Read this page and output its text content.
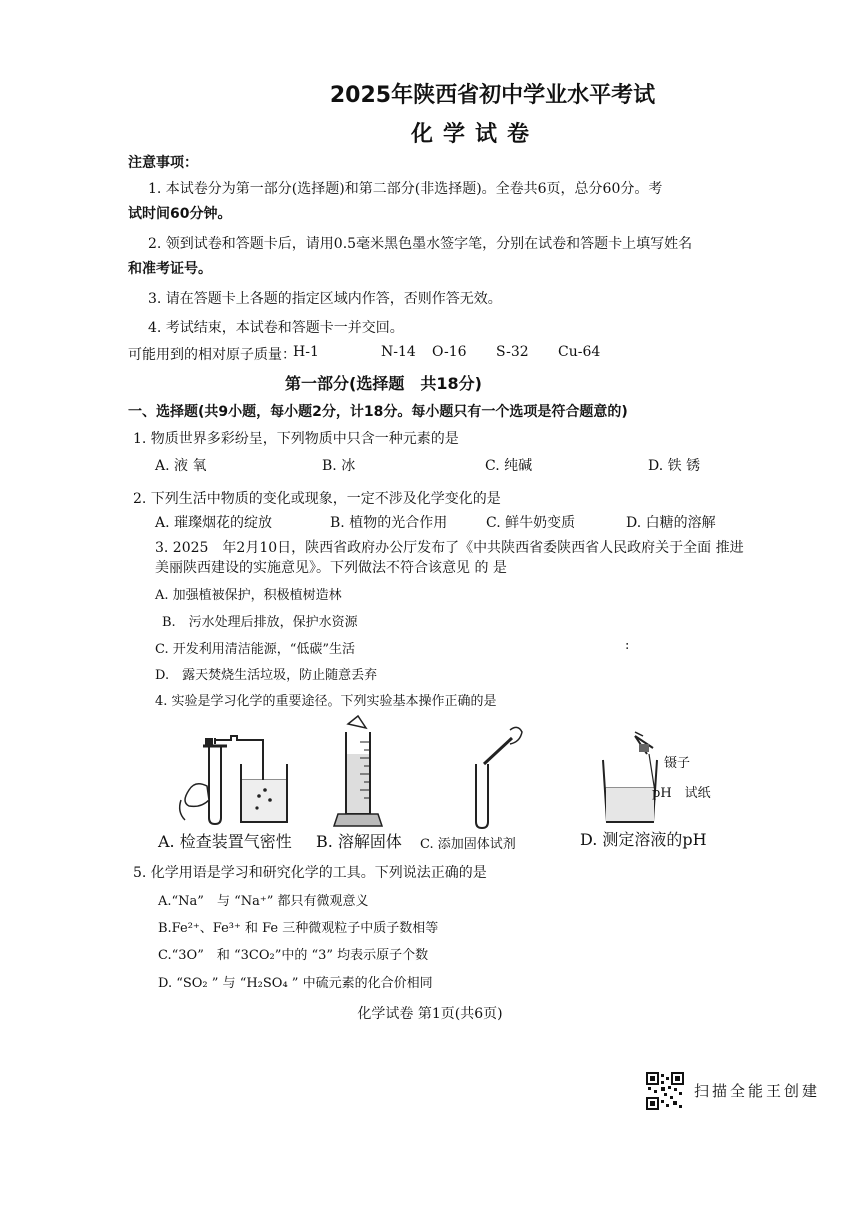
2025年陕西省初中学业水平考试
化学试卷
注意事项：
1. 本试卷分为第一部分(选择题)和第二部分(非选择题)。全卷共6页，总分60分。考
试时间60分钟。
2. 领到试卷和答题卡后，请用0.5毫米黑色墨水签字笔，分别在试卷和答题卡上填写姓名
和准考证号。
3. 请在答题卡上各题的指定区域内作答，否则作答无效。
4. 考试结束，本试卷和答题卡一并交回。
可能用到的相对原子质量：
H-1	N-14 O-16 S-32 Cu-64
第一部分(选择题　共18分)
一、选择题(共9小题，每小题2分，计18分。每小题只有一个选项是符合题意的)
1. 物质世界多彩纷呈，下列物质中只含一种元素的是
A. 液 氧	B. 冰	C. 纯碱	D. 铁 锈
2. 下列生活中物质的变化或现象，一定不涉及化学变化的是
A. 璀璨烟花的绽放	B. 植物的光合作用	C. 鲜牛奶变质	D. 白糖的溶解
3. 2025　年2月10日，陕西省政府办公厅发布了《中共陕西省委陕西省人民政府关于全面 推进
美丽陕西建设的实施意见》。下列做法不符合该意见 的 是
A. 加强植被保护，积极植树造林
B.　污水处理后排放，保护水资源
C. 开发利用清洁能源，“低碳”生活	:
D.　露天焚烧生活垃圾，防止随意丢弃
4. 实验是学习化学的重要途径。下列实验基本操作正确的是
镊子
pH　试纸
A. 检查装置气密性 B. 溶解固体 C. 添加固体试剂	D. 测定溶液的pH
5. 化学用语是学习和研究化学的工具。下列说法正确的是
A.“Na”　与 “Na⁺” 都只有微观意义
B.Fe²⁺、Fe³⁺ 和 Fe 三种微观粒子中质子数相等
C.“3O”　和 “3CO₂”中的 “3” 均表示原子个数
D. “SO₂ ” 与 “H₂SO₄ ” 中硫元素的化合价相同
化学试卷 第1页(共6页)
扫描全能王创建
